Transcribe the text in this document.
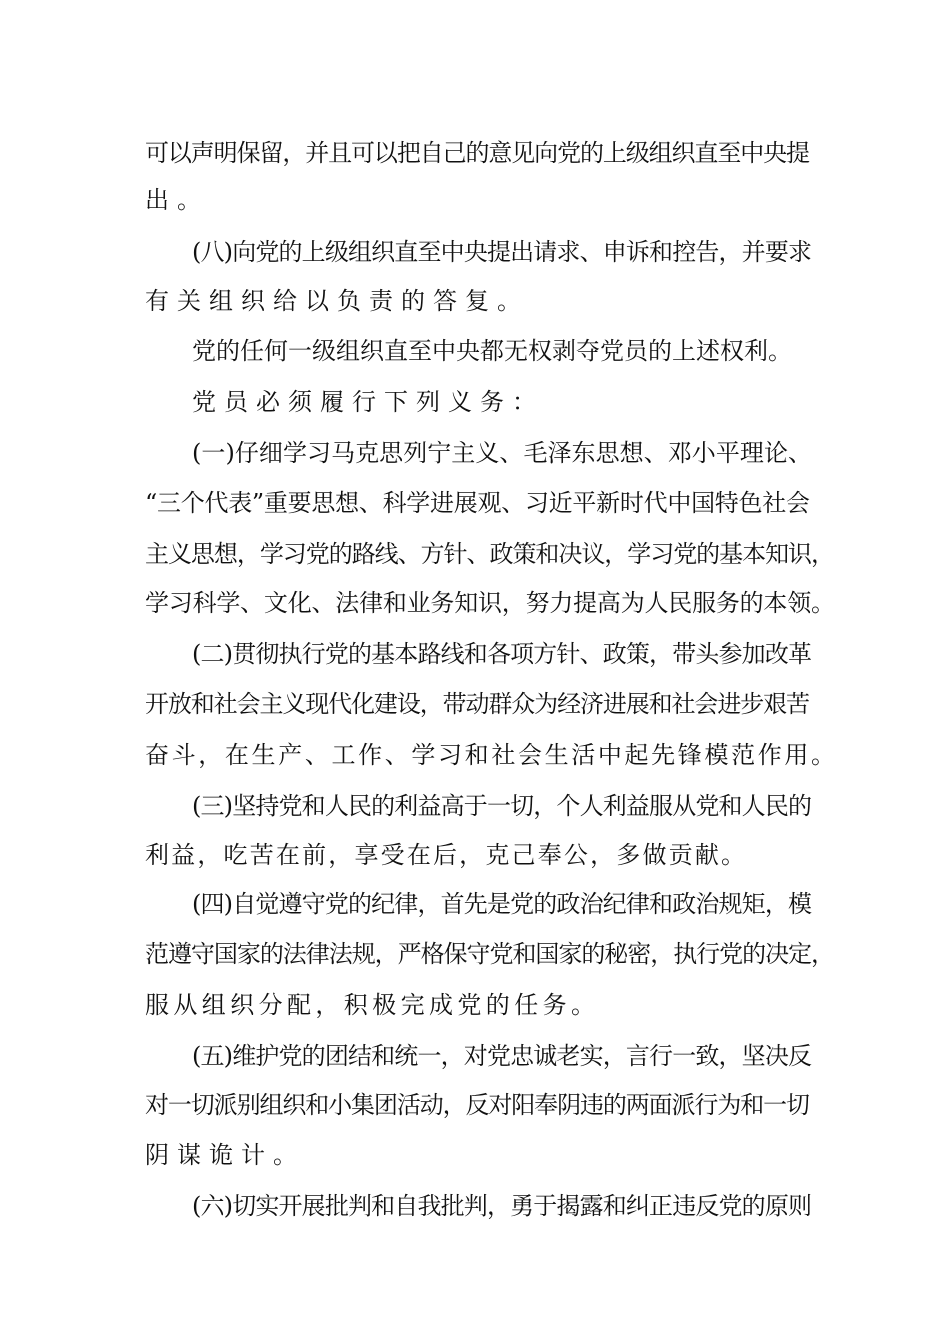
可以声明保留，并且可以把自己的意见向党的上级组织直至中央提
出。
(八)向党的上级组织直至中央提出请求、申诉和控告，并要求
有关组织给以负责的答复。
党的任何一级组织直至中央都无权剥夺党员的上述权利。
党员必须履行下列义务：
(一)仔细学习马克思列宁主义、毛泽东思想、邓小平理论、
“三个代表”重要思想、科学进展观、习近平新时代中国特色社会
主义思想，学习党的路线、方针、政策和决议，学习党的基本知识，
学习科学、文化、法律和业务知识，努力提高为人民服务的本领。
(二)贯彻执行党的基本路线和各项方针、政策，带头参加改革
开放和社会主义现代化建设，带动群众为经济进展和社会进步艰苦
奋斗，在生产、工作、学习和社会生活中起先锋模范作用。
(三)坚持党和人民的利益高于一切，个人利益服从党和人民的
利益，吃苦在前，享受在后，克己奉公，多做贡献。
(四)自觉遵守党的纪律，首先是党的政治纪律和政治规矩，模
范遵守国家的法律法规，严格保守党和国家的秘密，执行党的决定，
服从组织分配，积极完成党的任务。
(五)维护党的团结和统一，对党忠诚老实，言行一致，坚决反
对一切派别组织和小集团活动，反对阳奉阴违的两面派行为和一切
阴谋诡计。
(六)切实开展批判和自我批判，勇于揭露和纠正违反党的原则
